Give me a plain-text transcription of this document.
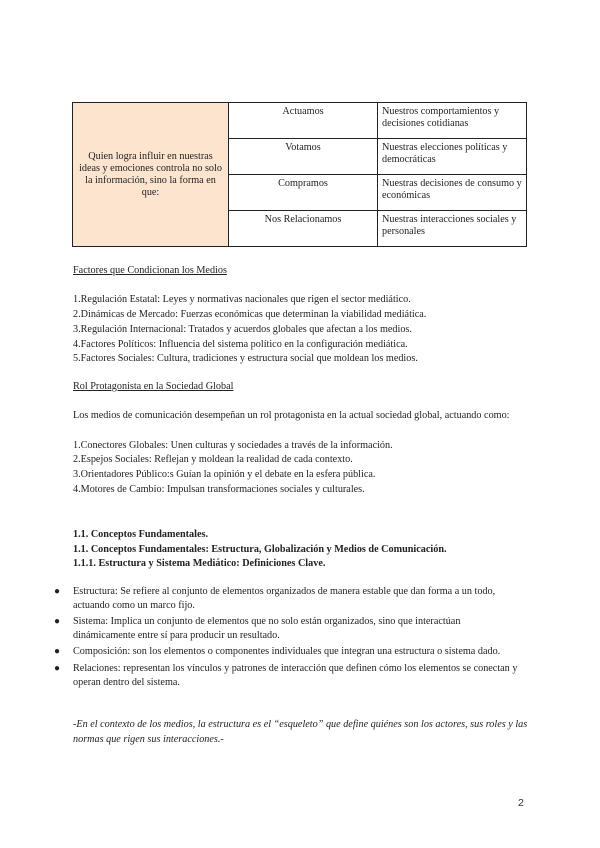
Quien logra influir en nuestras ideas y emociones controla no solo la información, sino la forma en que:	Actuamos	Nuestros comportamientos y decisiones cotidianas
	Votamos	Nuestras elecciones políticas y democráticas
	Compramos	Nuestras decisiones de consumo y económicas
	Nos Relacionamos	Nuestras interacciones sociales y personales

Factores que Condicionan los Medios

1.Regulación Estatal: Leyes y normativas nacionales que rigen el sector mediático.

2.Dinámicas de Mercado: Fuerzas económicas que determinan la viabilidad mediática.

3.Regulación Internacional: Tratados y acuerdos globales que afectan a los medios.

4.Factores Políticos: Influencia del sistema político en la configuración mediática.

5.Factores Sociales: Cultura, tradiciones y estructura social que moldean los medios.

Rol Protagonista en la Sociedad Global

Los medios de comunicación desempeñan un rol protagonista en la actual sociedad global, actuando como:

1.Conectores Globales: Unen culturas y sociedades a través de la información.

2.Espejos Sociales: Reflejan y moldean la realidad de cada contexto.

3.Orientadores Público:s Guían la opinión y el debate en la esfera pública.

4.Motores de Cambio: Impulsan transformaciones sociales y culturales.

1.1. Conceptos Fundamentales.

1.1. Conceptos Fundamentales: Estructura, Globalización y Medios de Comunicación.

1.1.1. Estructura y Sistema Mediático: Definiciones Clave.

● Estructura: Se refiere al conjunto de elementos organizados de manera estable que dan forma a un todo, actuando como un marco fijo.
● Sistema: Implica un conjunto de elementos que no solo están organizados, sino que interactúan dinámicamente entre sí para producir un resultado.
● Composición: son los elementos o componentes individuales que integran una estructura o sistema dado.
● Relaciones: representan los vínculos y patrones de interacción que definen cómo los elementos se conectan y operan dentro del sistema.

-En el contexto de los medios, la estructura es el “esqueleto” que define quiénes son los actores, sus roles y las normas que rigen sus interacciones.-

2
